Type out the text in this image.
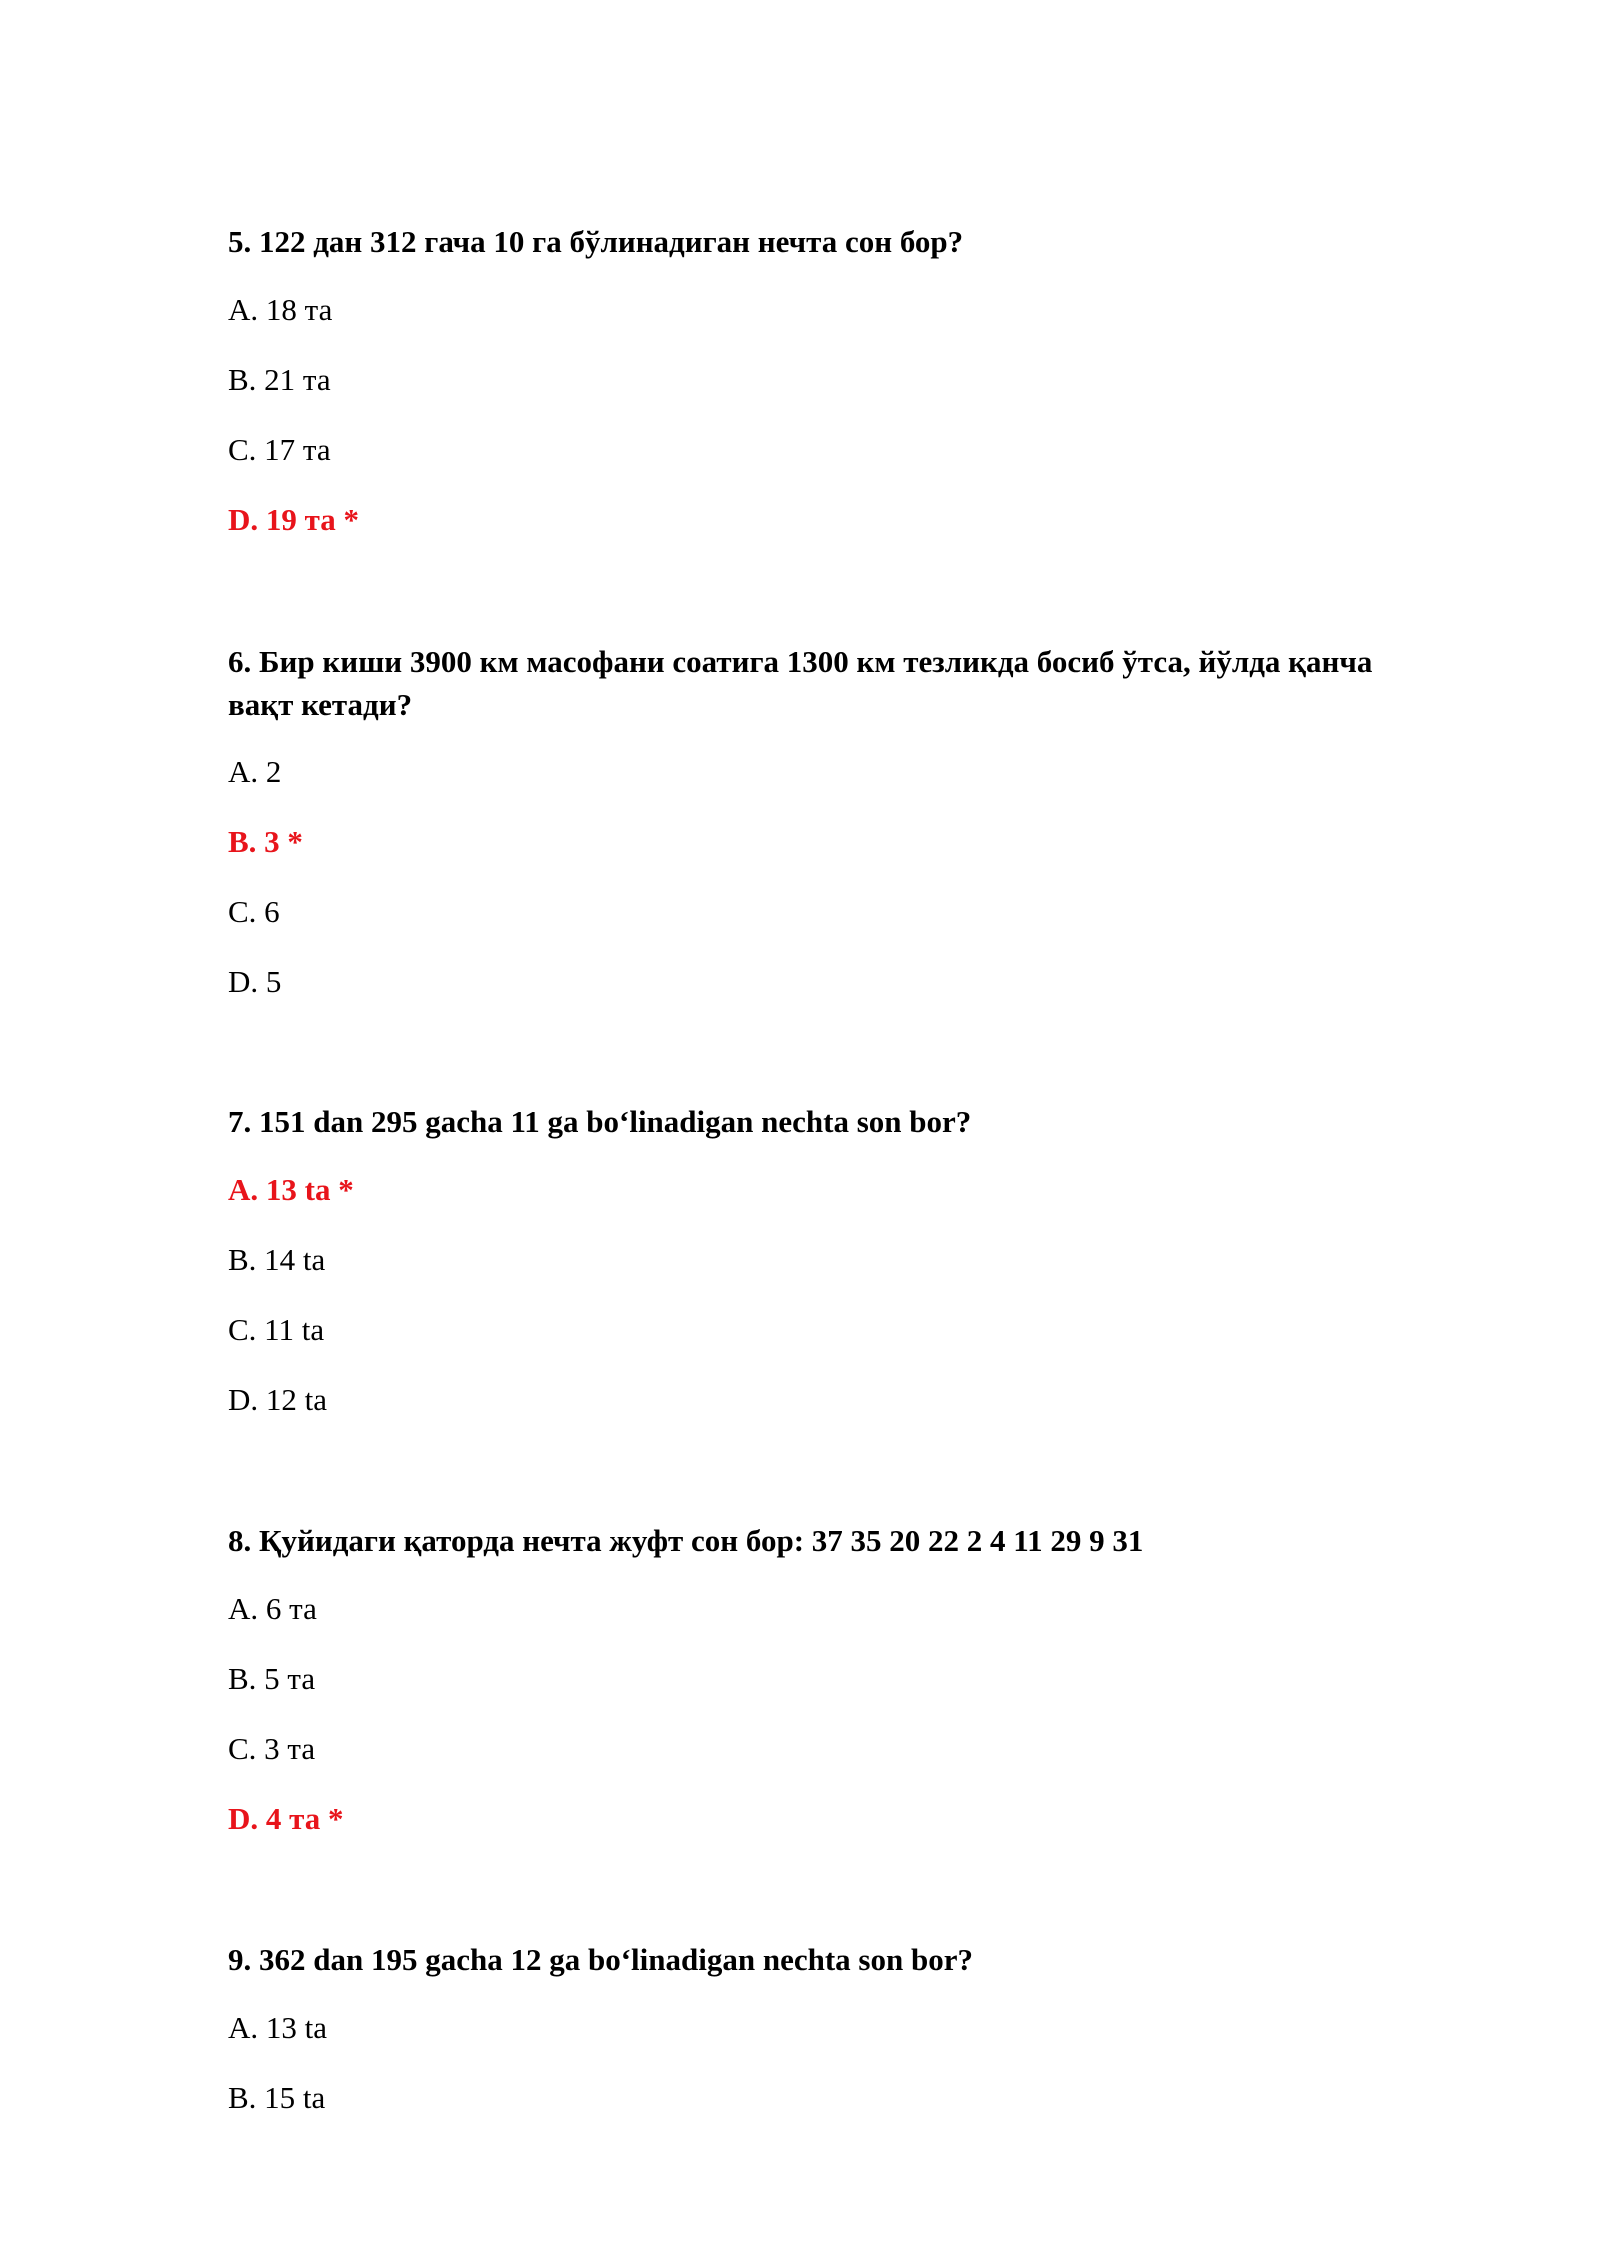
5. 122 дан 312 гача 10 га бўлинадиган нечта сон бор?

A. 18 та

B. 21 та

C. 17 та

D. 19 та *

6. Бир киши 3900 км масофани соатига 1300 км тезликда босиб ўтса, йўлда қанча вақт кетади?

A. 2

B. 3 *

C. 6

D. 5

7. 151 dan 295 gacha 11 ga bo‘linadigan nechta son bor?

A. 13 ta *

B. 14 ta

C. 11 ta

D. 12 ta

8. Қуйидаги қаторда нечта жуфт сон бор: 37 35 20 22 2 4 11 29 9 31

A. 6 та

B. 5 та

C. 3 та

D. 4 та *

9. 362 dan 195 gacha 12 ga bo‘linadigan nechta son bor?

A. 13 ta

B. 15 ta
